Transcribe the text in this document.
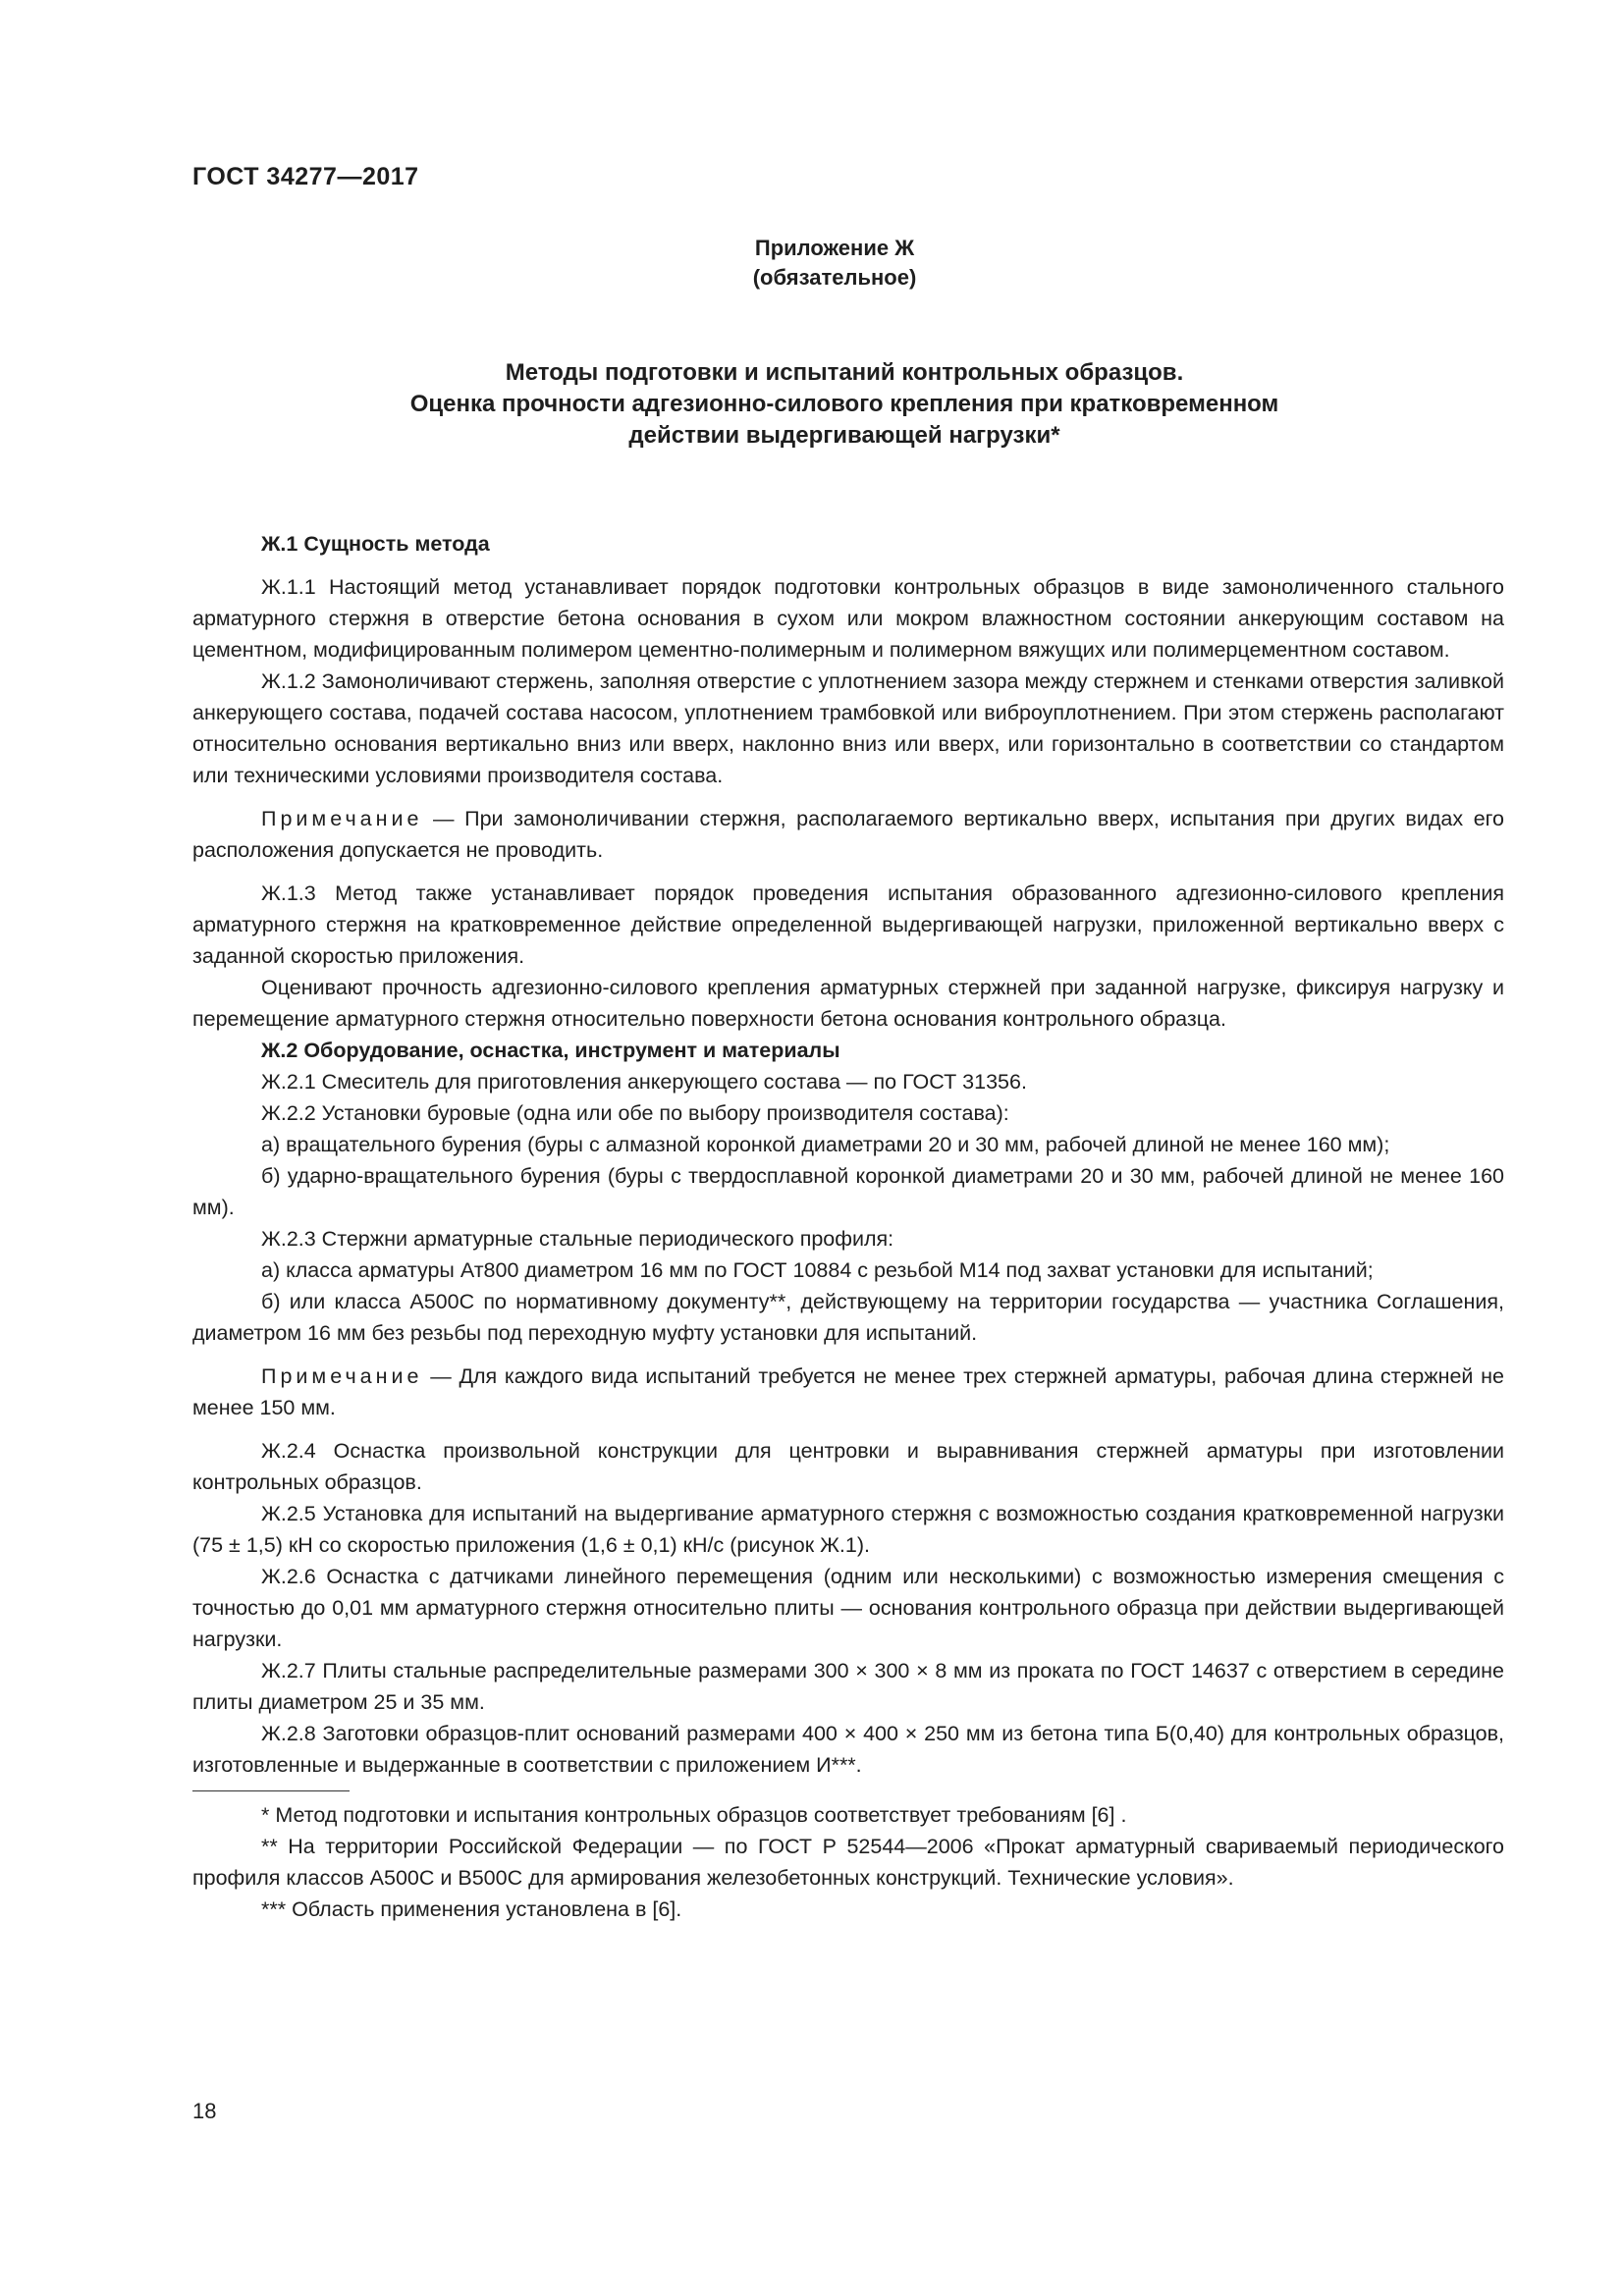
ГОСТ 34277—2017
Приложение Ж
(обязательное)
Методы подготовки и испытаний контрольных образцов.
Оценка прочности адгезионно-силового крепления при кратковременном
действии выдергивающей нагрузки*

Ж.1 Сущность метода

Ж.1.1 Настоящий метод устанавливает порядок подготовки контрольных образцов в виде замоноличенного стального арматурного стержня в отверстие бетона основания в сухом или мокром влажностном состоянии анкерующим составом на цементном, модифицированным полимером цементно-полимерным и полимерном вяжущих или полимерцементном составом.

Ж.1.2 Замоноличивают стержень, заполняя отверстие с уплотнением зазора между стержнем и стенками отверстия заливкой анкерующего состава, подачей состава насосом, уплотнением трамбовкой или виброуплотнением. При этом стержень располагают относительно основания вертикально вниз или вверх, наклонно вниз или вверх, или горизонтально в соответствии со стандартом или техническими условиями производителя состава.

Примечание — При замоноличивании стержня, располагаемого вертикально вверх, испытания при других видах его расположения допускается не проводить.

Ж.1.3 Метод также устанавливает порядок проведения испытания образованного адгезионно-силового крепления арматурного стержня на кратковременное действие определенной выдергивающей нагрузки, приложенной вертикально вверх с заданной скоростью приложения.

Оценивают прочность адгезионно-силового крепления арматурных стержней при заданной нагрузке, фиксируя нагрузку и перемещение арматурного стержня относительно поверхности бетона основания контрольного образца.

Ж.2 Оборудование, оснастка, инструмент и материалы

Ж.2.1 Смеситель для приготовления анкерующего состава — по ГОСТ 31356.

Ж.2.2 Установки буровые (одна или обе по выбору производителя состава):

а) вращательного бурения (буры с алмазной коронкой диаметрами 20 и 30 мм, рабочей длиной не менее 160 мм);

б) ударно-вращательного бурения (буры с твердосплавной коронкой диаметрами 20 и 30 мм, рабочей длиной не менее 160 мм).

Ж.2.3 Стержни арматурные стальные периодического профиля:

а) класса арматуры Ат800 диаметром 16 мм по ГОСТ 10884 с резьбой М14 под захват установки для испытаний;

б) или класса А500С по нормативному документу**, действующему на территории государства — участника Соглашения, диаметром 16 мм без резьбы под переходную муфту установки для испытаний.

Примечание — Для каждого вида испытаний требуется не менее трех стержней арматуры, рабочая длина стержней не менее 150 мм.

Ж.2.4 Оснастка произвольной конструкции для центровки и выравнивания стержней арматуры при изготовлении контрольных образцов.

Ж.2.5 Установка для испытаний на выдергивание арматурного стержня с возможностью создания кратковременной нагрузки (75 ± 1,5) кН со скоростью приложения (1,6 ± 0,1) кН/с (рисунок Ж.1).

Ж.2.6 Оснастка с датчиками линейного перемещения (одним или несколькими) с возможностью измерения смещения с точностью до 0,01 мм арматурного стержня относительно плиты — основания контрольного образца при действии выдергивающей нагрузки.

Ж.2.7 Плиты стальные распределительные размерами 300 × 300 × 8 мм из проката по ГОСТ 14637 с отверстием в середине плиты диаметром 25 и 35 мм.

Ж.2.8 Заготовки образцов-плит оснований размерами 400 × 400 × 250 мм из бетона типа Б(0,40) для контрольных образцов, изготовленные и выдержанные в соответствии с приложением И***.

* Метод подготовки и испытания контрольных образцов соответствует требованиям [6] .

** На территории Российской Федерации — по ГОСТ Р 52544—2006 «Прокат арматурный свариваемый периодического профиля классов А500С и В500С для армирования железобетонных конструкций. Технические условия».

*** Область применения установлена в [6].

18
